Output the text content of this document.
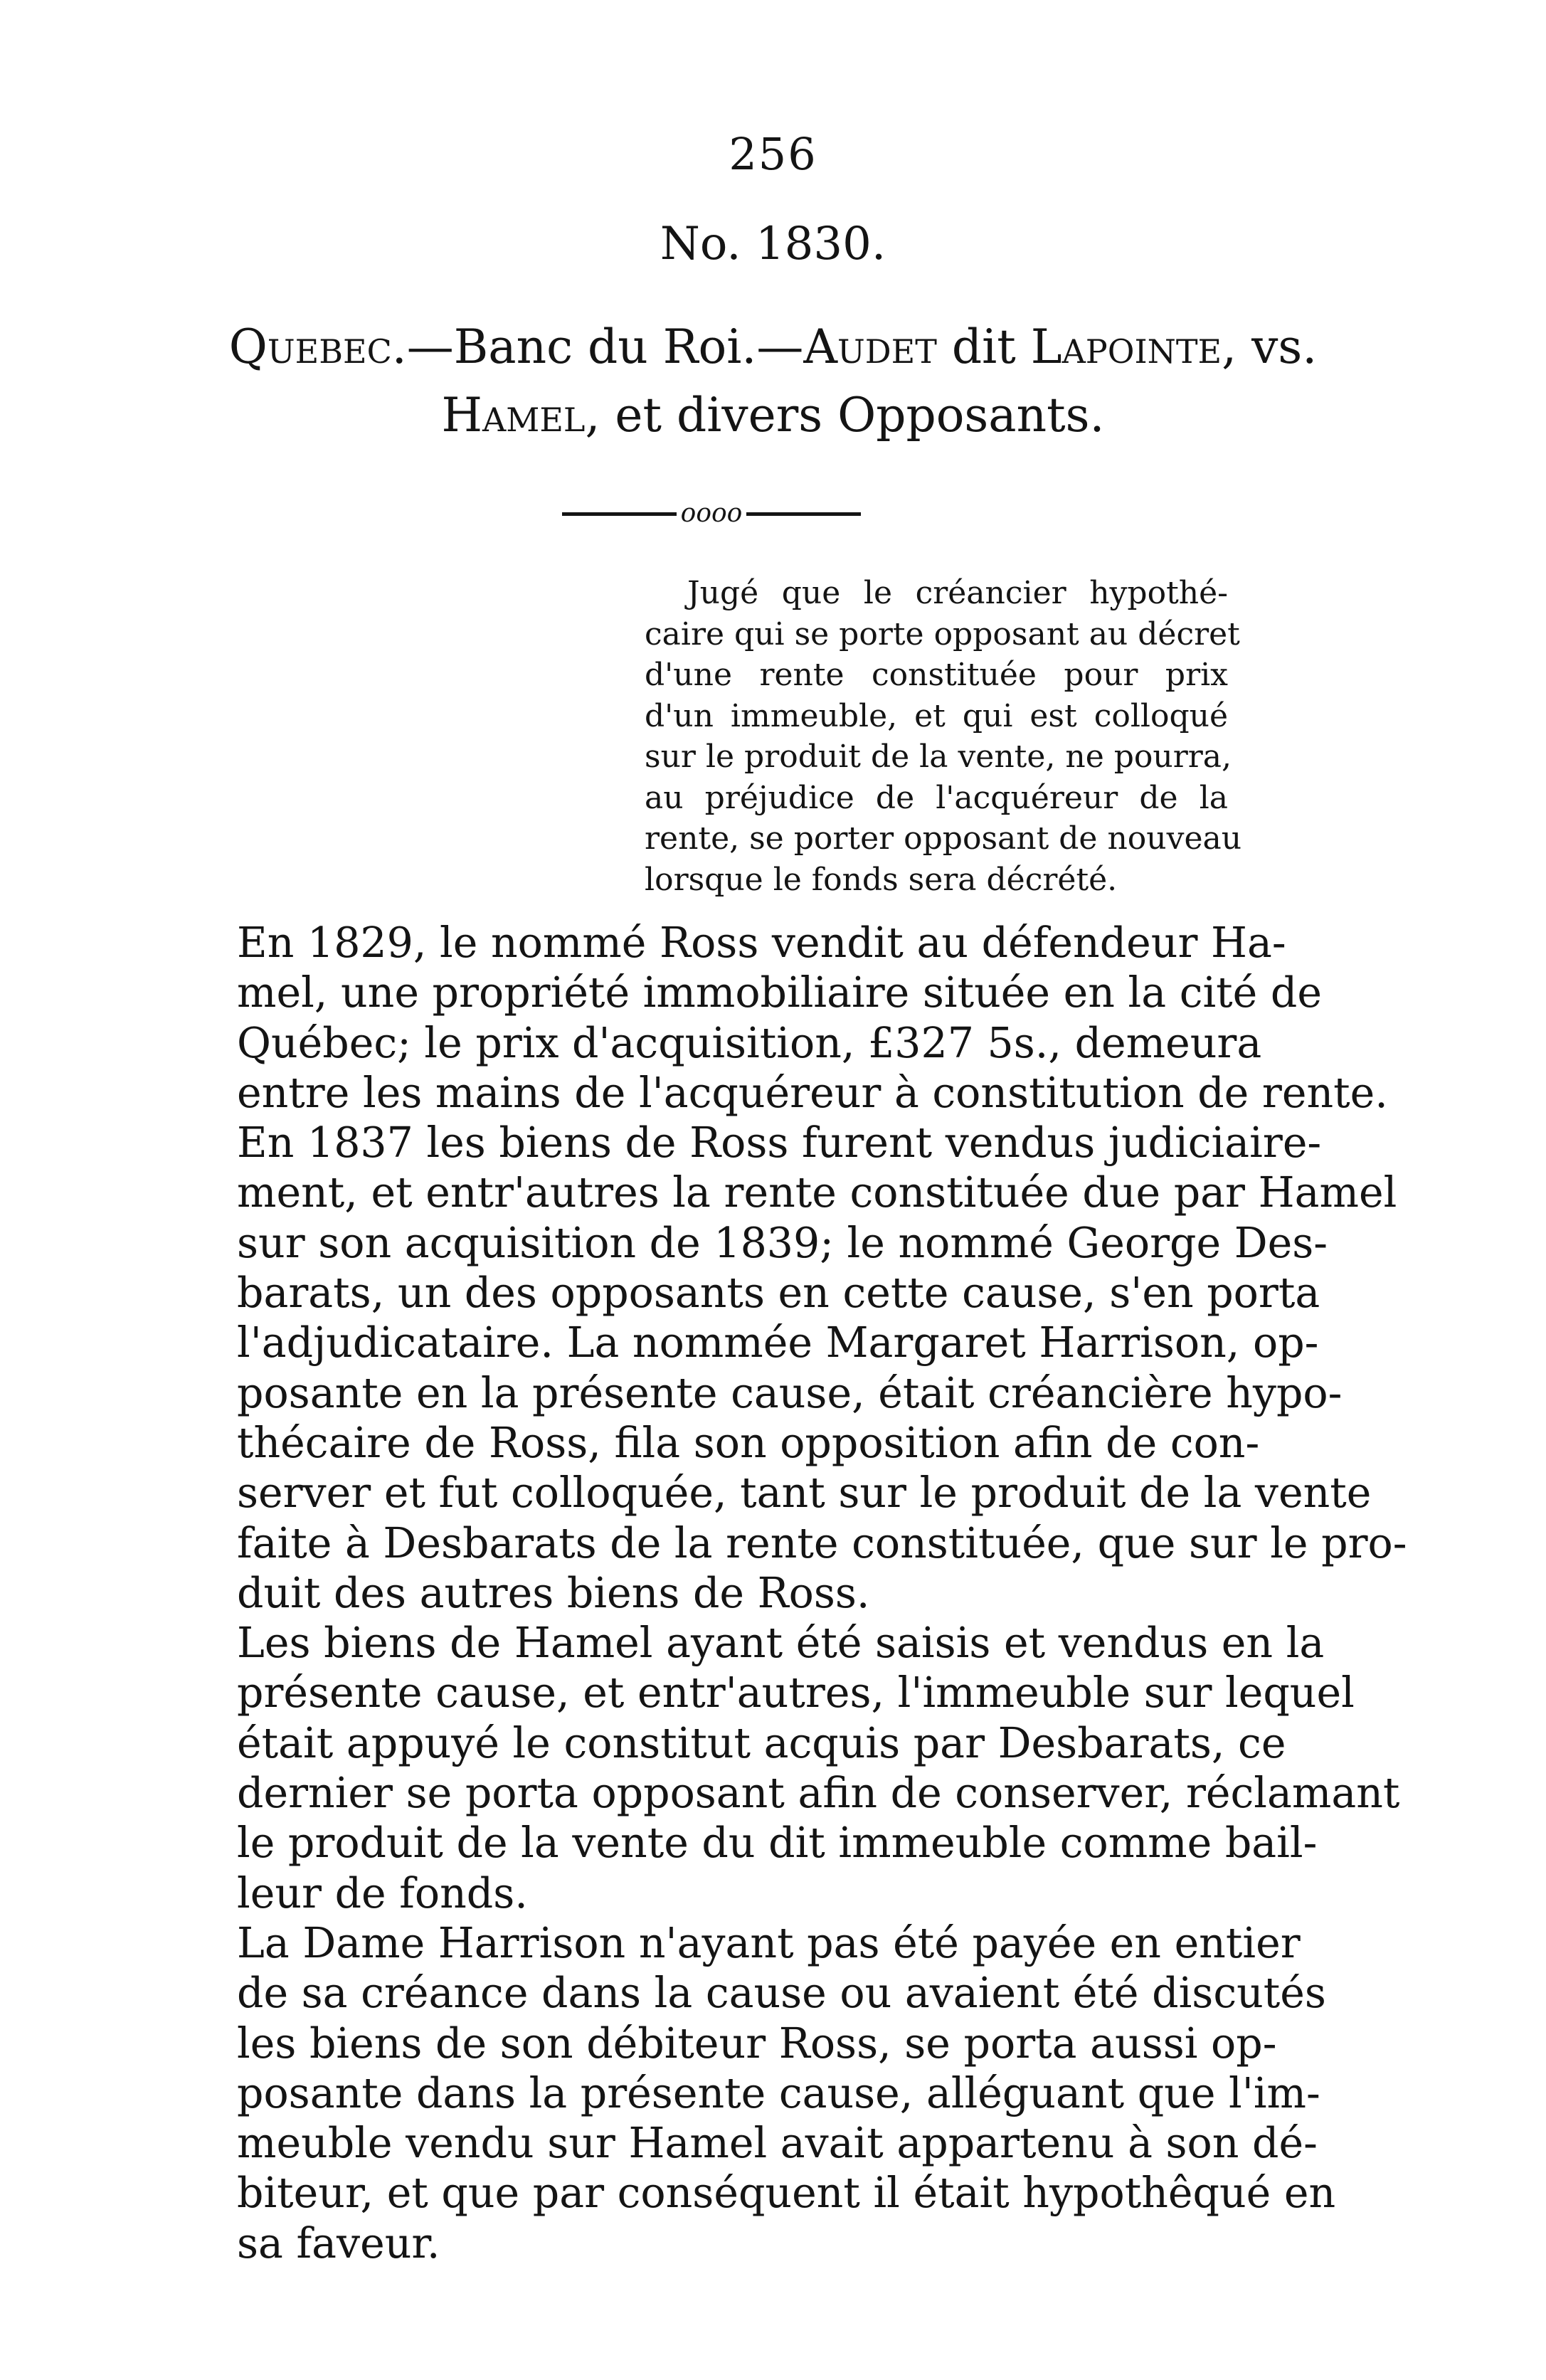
256

No. 1830.

Quebec.—Banc du Roi.—Audet dit Lapointe, vs.
Hamel, et divers Opposants.

oooo
Jugé que le créancier hypothé-
caire qui se porte opposant au décret
d'une rente constituée pour prix
d'un immeuble, et qui est colloqué
sur le produit de la vente, ne pourra,
au préjudice de l'acquéreur de la
rente, se porter opposant de nouveau
lorsque le fonds sera décrété.
En 1829, le nommé Ross vendit au défendeur Ha-
mel, une propriété immobiliaire située en la cité de
Québec; le prix d'acquisition, £327 5s., demeura
entre les mains de l'acquéreur à constitution de rente.
En 1837 les biens de Ross furent vendus judiciaire-
ment, et entr'autres la rente constituée due par Hamel
sur son acquisition de 1839; le nommé George Des-
barats, un des opposants en cette cause, s'en porta
l'adjudicataire. La nommée Margaret Harrison, op-
posante en la présente cause, était créancière hypo-
thécaire de Ross, fila son opposition afin de con-
server et fut colloquée, tant sur le produit de la vente
faite à Desbarats de la rente constituée, que sur le pro-
duit des autres biens de Ross.
Les biens de Hamel ayant été saisis et vendus en la
présente cause, et entr'autres, l'immeuble sur lequel
était appuyé le constitut acquis par Desbarats, ce
dernier se porta opposant afin de conserver, réclamant
le produit de la vente du dit immeuble comme bail-
leur de fonds.
La Dame Harrison n'ayant pas été payée en entier
de sa créance dans la cause ou avaient été discutés
les biens de son débiteur Ross, se porta aussi op-
posante dans la présente cause, alléguant que l'im-
meuble vendu sur Hamel avait appartenu à son dé-
biteur, et que par conséquent il était hypothêqué en
sa faveur.
